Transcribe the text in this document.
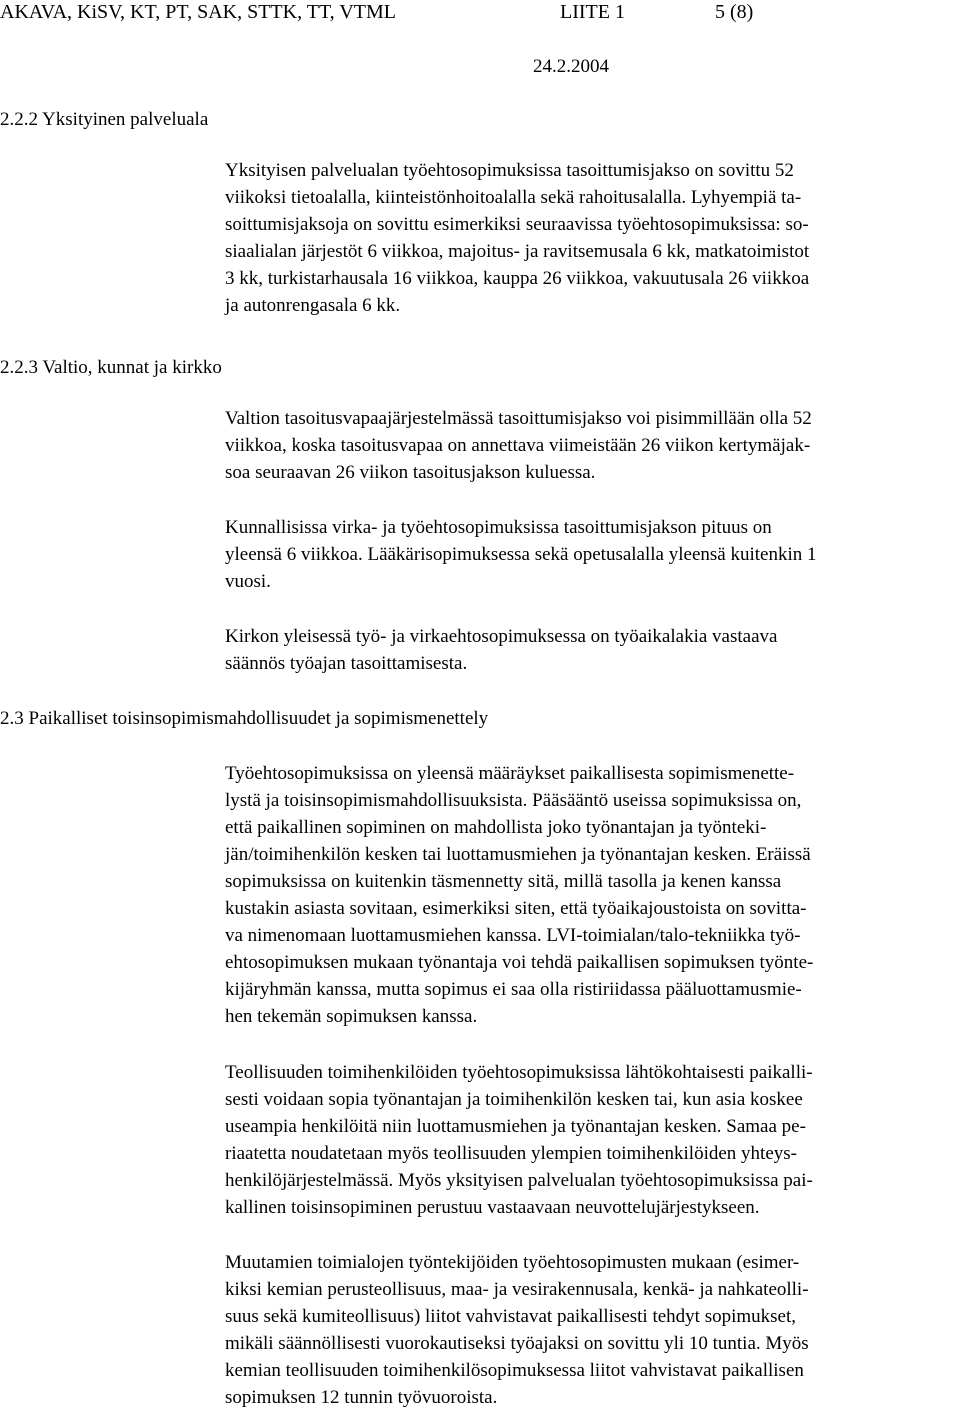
AKAVA, KiSV, KT, PT, SAK, STTK, TT, VTML	LIITE 1	5 (8)
24.2.2004
2.2.2 Yksityinen palveluala
Yksityisen palvelualan työehtosopimuksissa tasoittumisjakso on sovittu 52
viikoksi tietoalalla, kiinteistönhoitoalalla sekä rahoitusalalla. Lyhyempiä ta-
soittumisjaksoja on sovittu esimerkiksi seuraavissa työehtosopimuksissa: so-
siaalialan järjestöt 6 viikkoa, majoitus- ja ravitsemusala 6 kk, matkatoimistot
3 kk, turkistarhausala 16 viikkoa, kauppa 26 viikkoa, vakuutusala 26 viikkoa
ja autonrengasala 6 kk.
2.2.3 Valtio, kunnat ja kirkko
Valtion tasoitusvapaajärjestelmässä tasoittumisjakso voi pisimmillään olla 52
viikkoa, koska tasoitusvapaa on annettava viimeistään 26 viikon kertymäjak-
soa seuraavan 26 viikon tasoitusjakson kuluessa.
Kunnallisissa virka- ja työehtosopimuksissa tasoittumisjakson pituus on
yleensä 6 viikkoa. Lääkärisopimuksessa sekä opetusalalla yleensä kuitenkin 1
vuosi.
Kirkon yleisessä työ- ja virkaehtosopimuksessa on työaikalakia vastaava
säännös työajan tasoittamisesta.
2.3 Paikalliset toisinsopimismahdollisuudet ja sopimismenettely
Työehtosopimuksissa on yleensä määräykset paikallisesta sopimismenette-
lystä ja toisinsopimismahdollisuuksista. Pääsääntö useissa sopimuksissa on,
että paikallinen sopiminen on mahdollista joko työnantajan ja työnteki-
jän/toimihenkilön kesken tai luottamusmiehen ja työnantajan kesken. Eräissä
sopimuksissa on kuitenkin täsmennetty sitä, millä tasolla ja kenen kanssa
kustakin asiasta sovitaan, esimerkiksi siten, että työaikajoustoista on sovitta-
va nimenomaan luottamusmiehen kanssa. LVI-toimialan/talo-tekniikka työ-
ehtosopimuksen mukaan työnantaja voi tehdä paikallisen sopimuksen työnte-
kijäryhmän kanssa, mutta sopimus ei saa olla ristiriidassa pääluottamusmie-
hen tekemän sopimuksen kanssa.
Teollisuuden toimihenkilöiden työehtosopimuksissa lähtökohtaisesti paikalli-
sesti voidaan sopia työnantajan ja toimihenkilön kesken tai, kun asia koskee
useampia henkilöitä niin luottamusmiehen ja työnantajan kesken. Samaa pe-
riaatetta noudatetaan myös teollisuuden ylempien toimihenkilöiden yhteys-
henkilöjärjestelmässä. Myös yksityisen palvelualan työehtosopimuksissa pai-
kallinen toisinsopiminen perustuu vastaavaan neuvottelujärjestykseen.
Muutamien toimialojen työntekijöiden työehtosopimusten mukaan (esimer-
kiksi kemian perusteollisuus, maa- ja vesirakennusala, kenkä- ja nahkateolli-
suus sekä kumiteollisuus) liitot vahvistavat paikallisesti tehdyt sopimukset,
mikäli säännöllisesti vuorokautiseksi työajaksi on sovittu yli 10 tuntia. Myös
kemian teollisuuden toimihenkilösopimuksessa liitot vahvistavat paikallisen
sopimuksen 12 tunnin työvuoroista.
